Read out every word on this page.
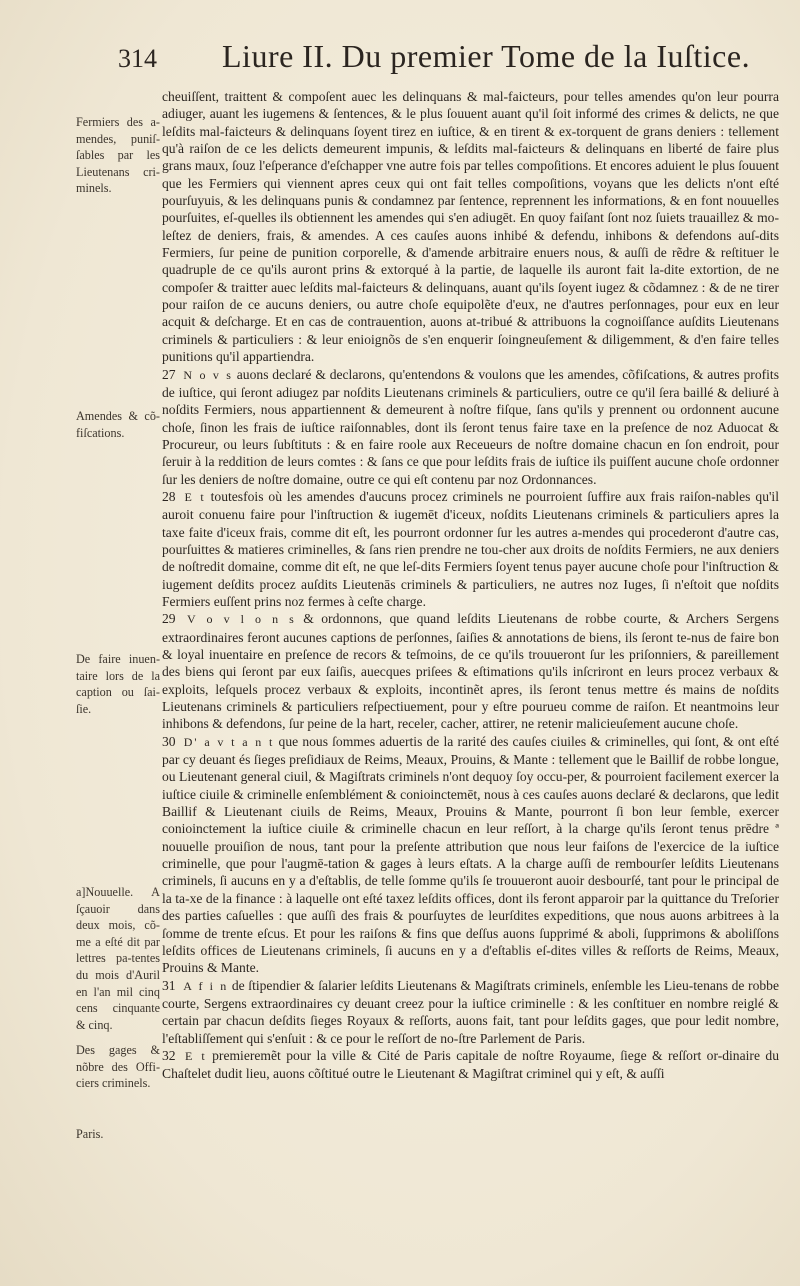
314 Liure II. Du premier Tome de la Iuſtice.
Fermiers des a-mendes, puniſ-ſables par les Lieutenans cri-minels.
Amendes & cõ-fiſcations.
De faire inuen-taire lors de la caption ou ſai-ſie.
a]Nouuelle. A ſçauoir dans deux mois, cõ-me a eſté dit par lettres pa-tentes du mois d'Auril en l'an mil cinq cens cinquante & cinq.
Des gages & nõbre des Offi-ciers criminels.
Paris.

cheuiſſent, traittent & compoſent auec les delinquans & mal-faicteurs, pour telles amendes qu'on leur pourra adiuger, auant les iugemens & ſentences, & le plus ſouuent auant qu'il ſoit informé des crimes & delicts, ne que leſdits mal-faicteurs & delinquans ſoyent tirez en iuſtice, & en tirent & ex-torquent de grans deniers : tellement qu'à raiſon de ce les delicts demeurent impunis, & leſdits mal-faicteurs & delinquans en liberté de faire plus grans maux, ſouz l'eſperance d'eſchapper vne autre fois par telles compoſitions. Et encores aduient le plus ſouuent que les Fermiers qui viennent apres ceux qui ont fait telles compoſitions, voyans que les delicts n'ont eſté pourſuyuis, & les delinquans punis & condamnez par ſentence, reprennent les informations, & en font nouuelles pourſuites, eſ-quelles ils obtiennent les amendes qui s'en adiugēt. En quoy faiſant ſont noz ſuiets trauaillez & mo-leſtez de deniers, frais, & amendes. A ces cauſes auons inhibé & defendu, inhibons & defendons auſ-dits Fermiers, ſur peine de punition corporelle, & d'amende arbitraire enuers nous, & auſſi de rẽdre & reſtituer le quadruple de ce qu'ils auront prins & extorqué à la partie, de laquelle ils auront fait la-dite extortion, de ne compoſer & traitter auec leſdits mal-faicteurs & delinquans, auant qu'ils ſoyent iugez & cõdamnez : & de ne tirer pour raiſon de ce aucuns deniers, ou autre choſe equipolẽte d'eux, ne d'autres perſonnages, pour eux en leur acquit & deſcharge. Et en cas de contrauention, auons at-tribué & attribuons la cognoiſſance auſdits Lieutenans criminels & particuliers : & leur enioignõs de s'en enquerir ſoingneuſement & diligemment, & d'en faire telles punitions qu'il appartiendra.

27 N o v s auons declaré & declarons, qu'entendons & voulons que les amendes, cõfiſcations, & autres profits de iuſtice, qui ſeront adiugez par noſdits Lieutenans criminels & particuliers, outre ce qu'il ſera baillé & deliuré à noſdits Fermiers, nous appartiennent & demeurent à noſtre fiſque, ſans qu'ils y prennent ou ordonnent aucune choſe, ſinon les frais de iuſtice raiſonnables, dont ils ſeront tenus faire taxe en la preſence de noz Aduocat & Procureur, ou leurs ſubſtituts : & en faire roole aux Receueurs de noſtre domaine chacun en ſon endroit, pour ſeruir à la reddition de leurs comtes : & ſans ce que pour leſdits frais de iuſtice ils puiſſent aucune choſe ordonner ſur les deniers de noſtre domaine, outre ce qui eſt contenu par noz Ordonnances.

28 E t toutesfois où les amendes d'aucuns procez criminels ne pourroient ſuffire aux frais raiſon-nables qu'il auroit conuenu faire pour l'inſtruction & iugemēt d'iceux, noſdits Lieutenans criminels & particuliers apres la taxe faite d'iceux frais, comme dit eſt, les pourront ordonner ſur les autres a-mendes qui procederont d'autre cas, pourſuittes & matieres criminelles, & ſans rien prendre ne tou-cher aux droits de noſdits Fermiers, ne aux deniers de noſtredit domaine, comme dit eſt, ne que leſ-dits Fermiers ſoyent tenus payer aucune choſe pour l'inſtruction & iugement deſdits procez auſdits Lieutenās criminels & particuliers, ne autres noz Iuges, ſi n'eſtoit que noſdits Fermiers euſſent prins noz fermes à ceſte charge.

29 V o v l o n s & ordonnons, que quand leſdits Lieutenans de robbe courte, & Archers Sergens extraordinaires feront aucunes captions de perſonnes, ſaiſies & annotations de biens, ils ſeront te-nus de faire bon & loyal inuentaire en preſence de recors & teſmoins, de ce qu'ils trouueront ſur les priſonniers, & pareillement des biens qui ſeront par eux ſaiſis, auecques priſees & eſtimations qu'ils inſcriront en leurs procez verbaux & exploits, leſquels procez verbaux & exploits, incontinẽt apres, ils ſeront tenus mettre és mains de noſdits Lieutenans criminels & particuliers reſpectiuement, pour y eſtre pourueu comme de raiſon. Et neantmoins leur inhibons & defendons, ſur peine de la hart, receler, cacher, attirer, ne retenir malicieuſement aucune choſe.

30 D' a v t a n t que nous ſommes aduertis de la rarité des cauſes ciuiles & criminelles, qui ſont, & ont eſté par cy deuant és ſieges preſidiaux de Reims, Meaux, Prouins, & Mante : tellement que le Baillif de robbe longue, ou Lieutenant general ciuil, & Magiſtrats criminels n'ont dequoy ſoy occu-per, & pourroient facilement exercer la iuſtice ciuile & criminelle enſemblément & conioinctemēt, nous à ces cauſes auons declaré & declarons, que ledit Baillif & Lieutenant ciuils de Reims, Meaux, Prouins & Mante, pourront ſi bon leur ſemble, exercer conioinctement la iuſtice ciuile & criminelle chacun en leur reſſort, à la charge qu'ils ſeront tenus prēdre ª nouuelle prouiſion de nous, tant pour la preſente attribution que nous leur faiſons de l'exercice de la iuſtice criminelle, que pour l'augmē-tation & gages à leurs eſtats. A la charge auſſi de rembourſer leſdits Lieutenans criminels, ſi aucuns en y a d'eſtablis, de telle ſomme qu'ils ſe trouueront auoir desbourſé, tant pour le principal de la ta-xe de la finance : à laquelle ont eſté taxez leſdits offices, dont ils feront apparoir par la quittance du Treſorier des parties caſuelles : que auſſi des frais & pourſuytes de leurſdites expeditions, que nous auons arbitrees à la ſomme de trente eſcus. Et pour les raiſons & fins que deſſus auons ſupprimé & aboli, ſupprimons & aboliſſons leſdits offices de Lieutenans criminels, ſi aucuns en y a d'eſtablis eſ-dites villes & reſſorts de Reims, Meaux, Prouins & Mante.

31 A f i n de ſtipendier & ſalarier leſdits Lieutenans & Magiſtrats criminels, enſemble les Lieu-tenans de robbe courte, Sergens extraordinaires cy deuant creez pour la iuſtice criminelle : & les conſtituer en nombre reiglé & certain par chacun deſdits ſieges Royaux & reſſorts, auons fait, tant pour leſdits gages, que pour ledit nombre, l'eſtabliſſement qui s'enſuit : & ce pour le reſſort de no-ſtre Parlement de Paris.

32 E t premieremẽt pour la ville & Cité de Paris capitale de noſtre Royaume, ſiege & reſſort or-dinaire du Chaſtelet dudit lieu, auons cõſtitué outre le Lieutenant & Magiſtrat criminel qui y eſt, & auſſi
